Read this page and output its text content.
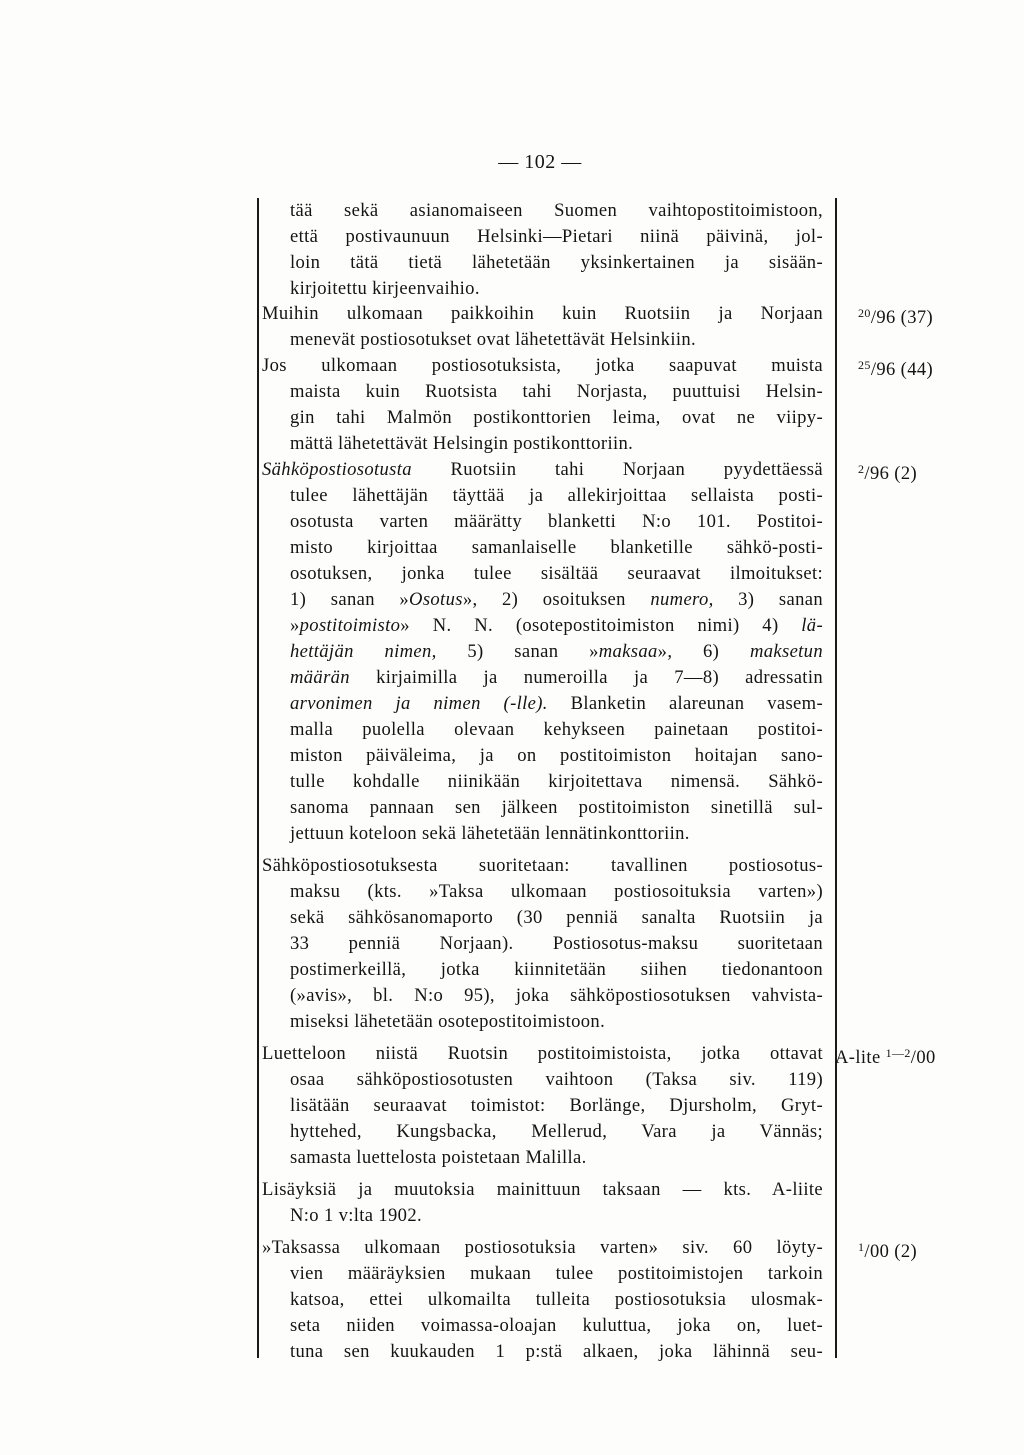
— 102 —
tää sekä asianomaiseen Suomen vaihtopostitoimistoon,
että postivaunuun Helsinki—Pietari niinä päivinä, jol-
loin tätä tietä lähetetään yksinkertainen ja sisään-
kirjoitettu kirjeenvaihio.
Muihin ulkomaan paikkoihin kuin Ruotsiin ja Norjaan
menevät postiosotukset ovat lähetettävät Helsinkiin.
$^{20}$/96 (37)
Jos ulkomaan postiosotuksista, jotka saapuvat muista
maista kuin Ruotsista tahi Norjasta, puuttuisi Helsin-
gin tahi Malmön postikonttorien leima, ovat ne viipy-
mättä lähetettävät Helsingin postikonttoriin.
$^{25}$/96 (44)
Sähköpostiosotusta Ruotsiin tahi Norjaan pyydettäessä
tulee lähettäjän täyttää ja allekirjoittaa sellaista posti-
osotusta varten määrätty blanketti N:o 101. Postitoi-
misto kirjoittaa samanlaiselle blanketille sähkö-posti-
osotuksen, jonka tulee sisältää seuraavat ilmoitukset:
1) sanan »Osotus», 2) osoituksen numero, 3) sanan
»postitoimisto» N. N. (osotepostitoimiston nimi) 4) lä-
hettäjän nimen, 5) sanan »maksaa», 6) maksetun
määrän kirjaimilla ja numeroilla ja 7—8) adressatin
arvonimen ja nimen (-lle). Blanketin alareunan vasem-
malla puolella olevaan kehykseen painetaan postitoi-
miston päiväleima, ja on postitoimiston hoitajan sano-
tulle kohdalle niinikään kirjoitettava nimensä. Sähkö-
sanoma pannaan sen jälkeen postitoimiston sinetillä sul-
jettuun koteloon sekä lähetetään lennätinkonttoriin.
$^2$/96 (2)
Sähköpostiosotuksesta suoritetaan: tavallinen postiosotus-
maksu (kts. »Taksa ulkomaan postiosoituksia varten»)
sekä sähkösanomaporto (30 penniä sanalta Ruotsiin ja
33 penniä Norjaan). Postiosotus-maksu suoritetaan
postimerkeillä, jotka kiinnitetään siihen tiedonantoon
(»avis», bl. N:o 95), joka sähköpostiosotuksen vahvista-
miseksi lähetetään osotepostitoimistoon.
Luetteloon niistä Ruotsin postitoimistoista, jotka ottavat
osaa sähköpostiosotusten vaihtoon (Taksa siv. 119)
lisätään seuraavat toimistot: Borlänge, Djursholm, Gryt-
hyttehed, Kungsbacka, Mellerud, Vara ja Vännäs;
samasta luettelosta poistetaan Malilla.
A-lite $^{1—2}$/00
Lisäyksiä ja muutoksia mainittuun taksaan — kts. A-liite
N:o 1 v:lta 1902.
»Taksassa ulkomaan postiosotuksia varten» siv. 60 löyty-
vien määräyksien mukaan tulee postitoimistojen tarkoin
katsoa, ettei ulkomailta tulleita postiosotuksia ulosmak-
seta niiden voimassa-oloajan kuluttua, joka on, luet-
tuna sen kuukauden 1 p:stä alkaen, joka lähinnä seu-
$^1$/00 (2)
